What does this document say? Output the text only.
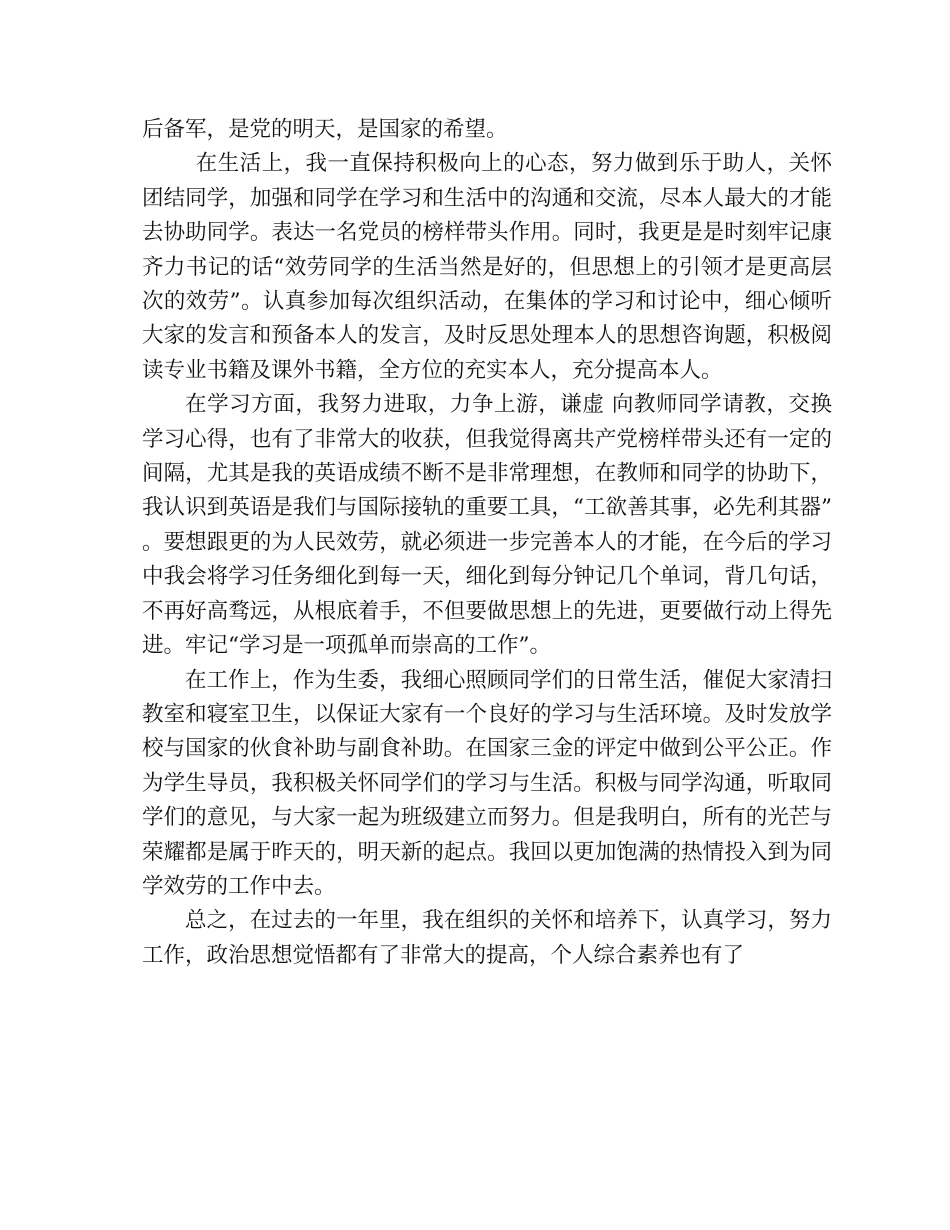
后备军，是党的明天，是国家的希望。

在生活上，我一直保持积极向上的心态，努力做到乐于助人，关怀团结同学，加强和同学在学习和生活中的沟通和交流，尽本人最大的才能去协助同学。表达一名党员的榜样带头作用。同时，我更是是时刻牢记康齐力书记的话“效劳同学的生活当然是好的，但思想上的引领才是更高层次的效劳”。认真参加每次组织活动，在集体的学习和讨论中，细心倾听大家的发言和预备本人的发言，及时反思处理本人的思想咨询题，积极阅读专业书籍及课外书籍，全方位的充实本人，充分提高本人。

在学习方面，我努力进取，力争上游，谦虚 向教师同学请教，交换学习心得，也有了非常大的收获，但我觉得离共产党榜样带头还有一定的间隔，尤其是我的英语成绩不断不是非常理想，在教师和同学的协助下，我认识到英语是我们与国际接轨的重要工具，“工欲善其事，必先利其器”。要想跟更的为人民效劳，就必须进一步完善本人的才能，在今后的学习中我会将学习任务细化到每一天，细化到每分钟记几个单词，背几句话，不再好高骛远，从根底着手，不但要做思想上的先进，更要做行动上得先进。牢记“学习是一项孤单而崇高的工作”。

在工作上，作为生委，我细心照顾同学们的日常生活，催促大家清扫教室和寝室卫生，以保证大家有一个良好的学习与生活环境。及时发放学校与国家的伙食补助与副食补助。在国家三金的评定中做到公平公正。作为学生导员，我积极关怀同学们的学习与生活。积极与同学沟通，听取同学们的意见，与大家一起为班级建立而努力。但是我明白，所有的光芒与荣耀都是属于昨天的，明天新的起点。我回以更加饱满的热情投入到为同学效劳的工作中去。

总之，在过去的一年里，我在组织的关怀和培养下，认真学习，努力工作，政治思想觉悟都有了非常大的提高，个人综合素养也有了
